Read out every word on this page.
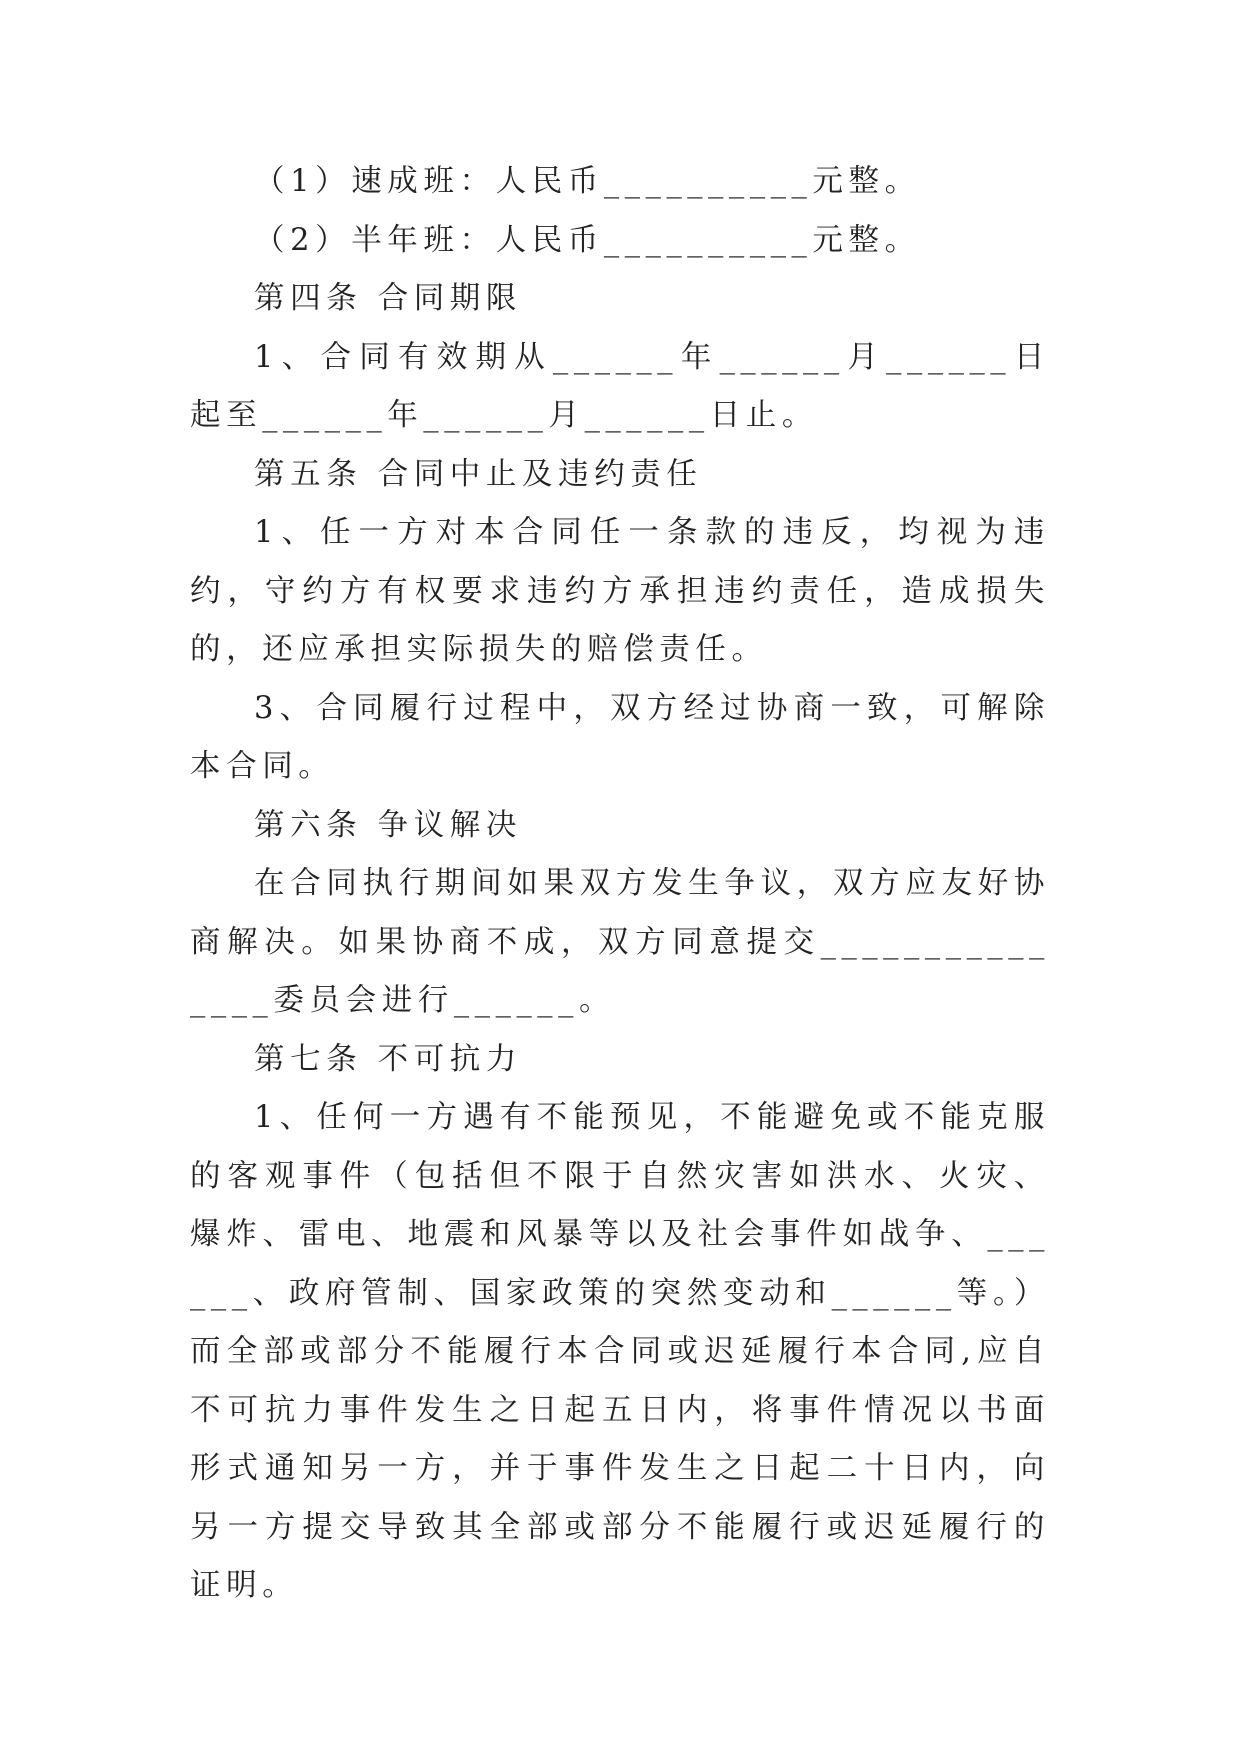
（1）速成班：人民币__________元整。

（2）半年班：人民币__________元整。

第四条 合同期限

1、合同有效期从______年______月______日起至______年______月______日止。

第五条 合同中止及违约责任

1、任一方对本合同任一条款的违反，均视为违约，守约方有权要求违约方承担违约责任，造成损失的，还应承担实际损失的赔偿责任。

3、合同履行过程中，双方经过协商一致，可解除本合同。

第六条 争议解决

在合同执行期间如果双方发生争议，双方应友好协商解决。如果协商不成，双方同意提交_______________委员会进行______。

第七条 不可抗力

1、任何一方遇有不能预见，不能避免或不能克服的客观事件（包括但不限于自然灾害如洪水、火灾、爆炸、雷电、地震和风暴等以及社会事件如战争、______、政府管制、国家政策的突然变动和______等。）而全部或部分不能履行本合同或迟延履行本合同,应自不可抗力事件发生之日起五日内，将事件情况以书面形式通知另一方，并于事件发生之日起二十日内，向另一方提交导致其全部或部分不能履行或迟延履行的证明。
